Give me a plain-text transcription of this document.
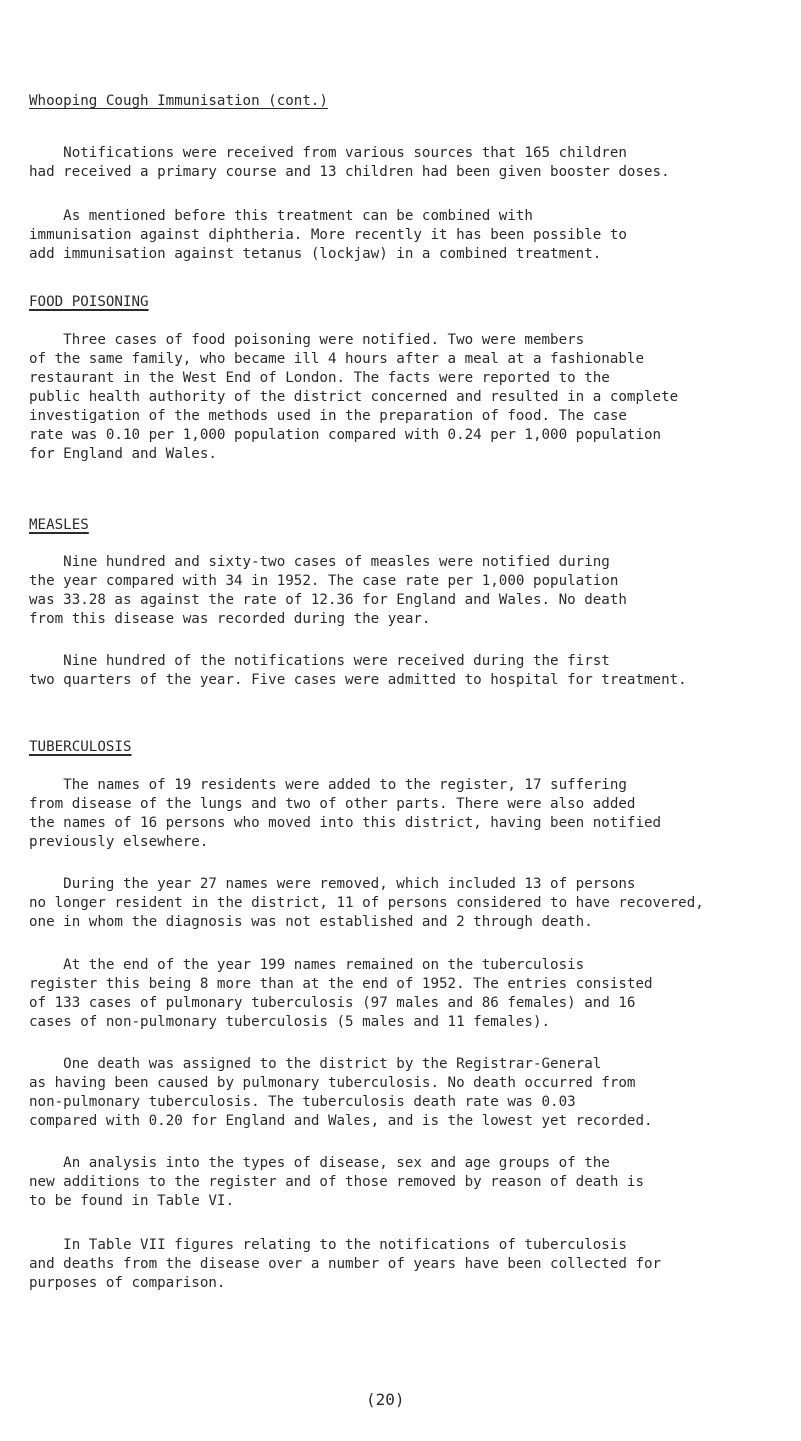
Whooping Cough Immunisation (cont.)

Notifications were received from various sources that 165 children
had received a primary course and 13 children had been given booster doses.

As mentioned before this treatment can be combined with
immunisation against diphtheria. More recently it has been possible to
add immunisation against tetanus (lockjaw) in a combined treatment.

FOOD POISONING

Three cases of food poisoning were notified. Two were members
of the same family, who became ill 4 hours after a meal at a fashionable
restaurant in the West End of London. The facts were reported to the
public health authority of the district concerned and resulted in a complete
investigation of the methods used in the preparation of food. The case
rate was 0.10 per 1,000 population compared with 0.24 per 1,000 population
for England and Wales.

MEASLES

Nine hundred and sixty-two cases of measles were notified during
the year compared with 34 in 1952. The case rate per 1,000 population
was 33.28 as against the rate of 12.36 for England and Wales. No death
from this disease was recorded during the year.

Nine hundred of the notifications were received during the first
two quarters of the year. Five cases were admitted to hospital for treatment.

TUBERCULOSIS

The names of 19 residents were added to the register, 17 suffering
from disease of the lungs and two of other parts. There were also added
the names of 16 persons who moved into this district, having been notified
previously elsewhere.

During the year 27 names were removed, which included 13 of persons
no longer resident in the district, 11 of persons considered to have recovered,
one in whom the diagnosis was not established and 2 through death.

At the end of the year 199 names remained on the tuberculosis
register this being 8 more than at the end of 1952. The entries consisted
of 133 cases of pulmonary tuberculosis (97 males and 86 females) and 16
cases of non-pulmonary tuberculosis (5 males and 11 females).

One death was assigned to the district by the Registrar-General
as having been caused by pulmonary tuberculosis. No death occurred from
non-pulmonary tuberculosis. The tuberculosis death rate was 0.03
compared with 0.20 for England and Wales, and is the lowest yet recorded.

An analysis into the types of disease, sex and age groups of the
new additions to the register and of those removed by reason of death is
to be found in Table VI.

In Table VII figures relating to the notifications of tuberculosis
and deaths from the disease over a number of years have been collected for
purposes of comparison.

(20)
